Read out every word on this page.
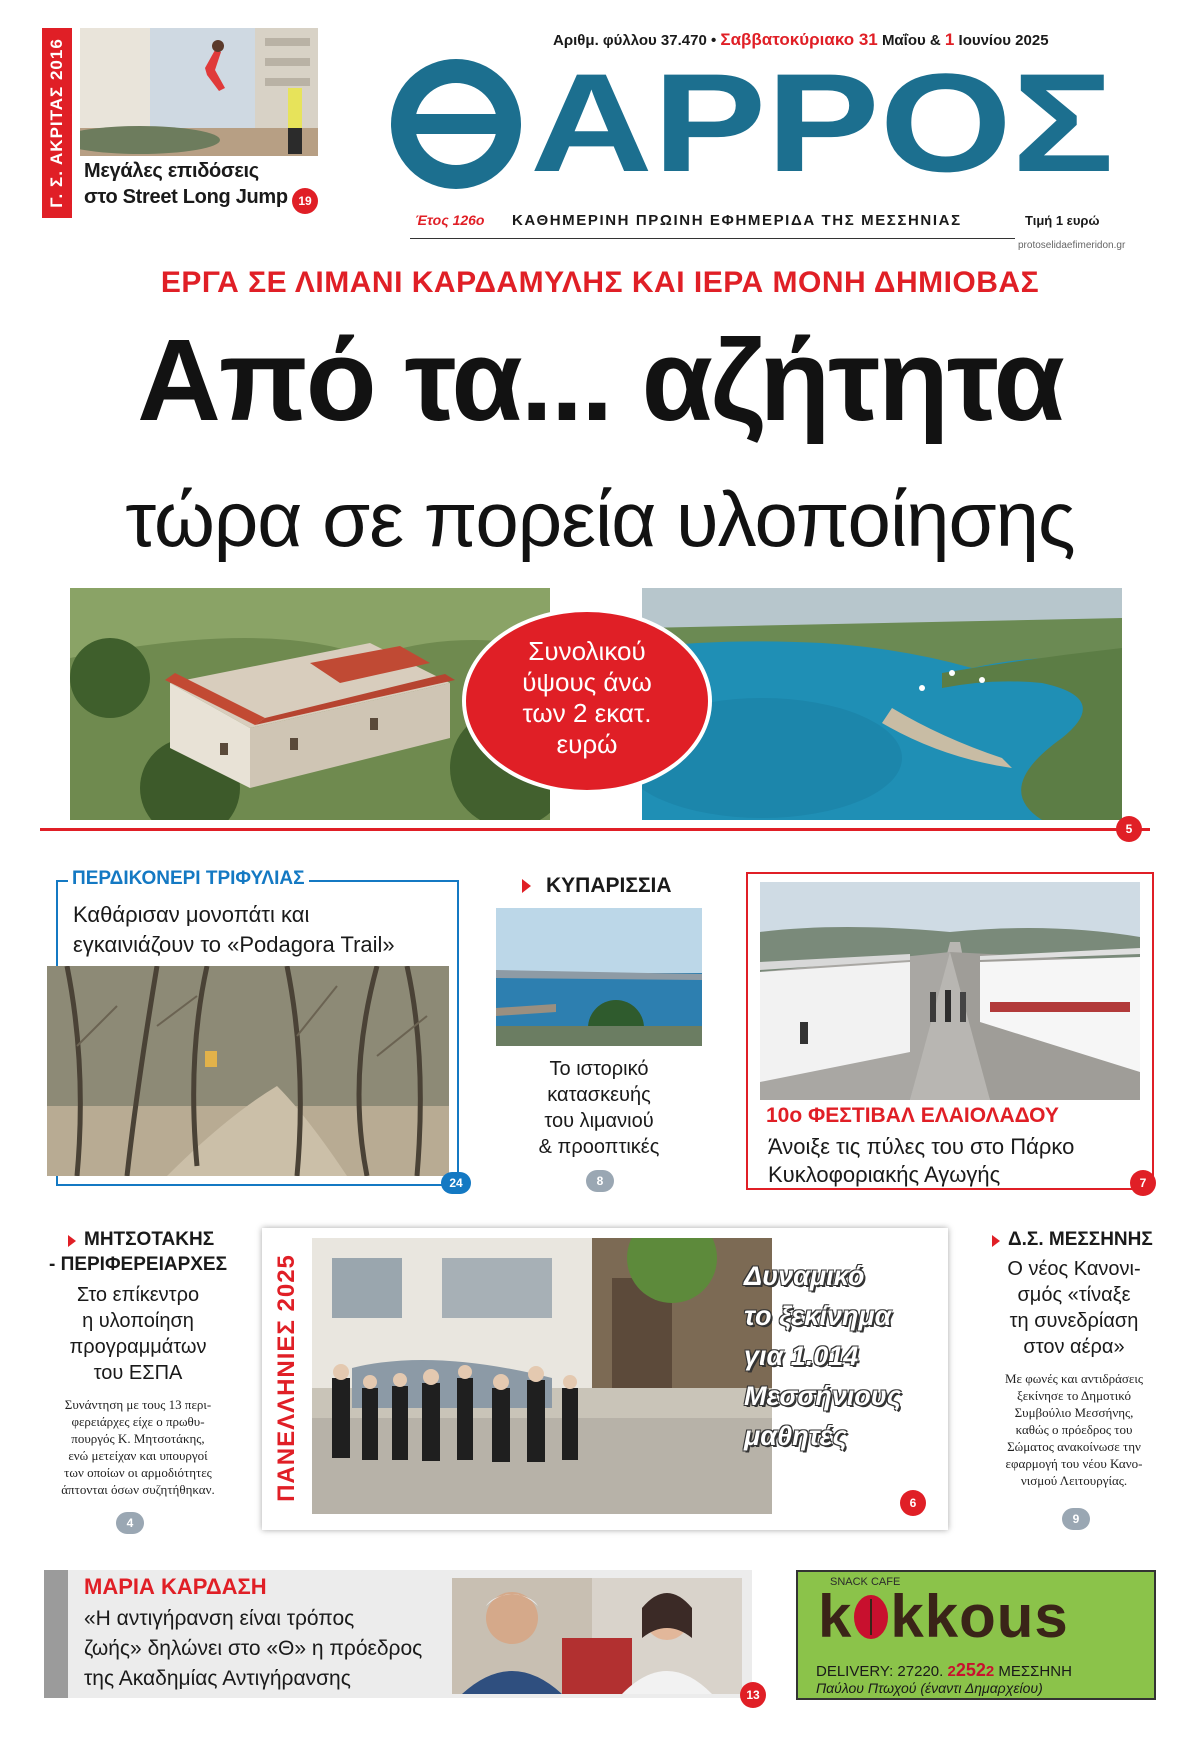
Γ. Σ. ΑΚΡΙΤΑΣ 2016 Μεγάλες επιδόσεις
στο Street Long Jump 19
Αριθμ. φύλλου 37.470 • Σαββατοκύριακο 31 Μαΐου & 1 Ιουνίου 2025
ΑΡΡΟΣ
Έτος 126ο ΚΑΘΗΜΕΡΙΝΗ ΠΡΩΙΝΗ ΕΦΗΜΕΡΙΔΑ ΤΗΣ ΜΕΣΣΗΝΙΑΣ	Τιμή 1 ευρώ
protoselidaefimeridon.gr
ΕΡΓΑ ΣΕ ΛΙΜΑΝΙ ΚΑΡΔΑΜΥΛΗΣ ΚΑΙ ΙΕΡΑ ΜΟΝΗ ΔΗΜΙΟΒΑΣ
Από τα... αζήτητα
τώρα σε πορεία υλοποίησης
Συνολικού
ύψους άνω
των 2 εκατ.
ευρώ
5
ΠΕΡΔΙΚΟΝΕΡΙ ΤΡΙΦΥΛΙΑΣ
Καθάρισαν μονοπάτι και
εγκαινιάζουν το «Podagora Trail»
24
ΚΥΠΑΡΙΣΣΙΑ
Το ιστορικό
κατασκευής
του λιμανιού
& προοπτικές
8
10ο ΦΕΣΤΙΒΑΛ ΕΛΑΙΟΛΑΔΟΥ
Άνοιξε τις πύλες του στο Πάρκο
Κυκλοφοριακής Αγωγής	7
ΜΗΤΣΟΤΑΚΗΣ
- ΠΕΡΙΦΕΡΕΙΑΡΧΕΣ
Στο επίκεντρο
η υλοποίηση
προγραμμάτων
του ΕΣΠΑ
Συνάντηση με τους 13 περι-
φερειάρχες είχε ο πρωθυ-
πουργός Κ. Μητσοτάκης,
ενώ μετείχαν και υπουργοί
των οποίων οι αρμοδιότητες
άπτονται όσων συζητήθηκαν.
4
ΠΑΝΕΛΛΗΝΙΕΣ 2025	Δυναμικό
το ξεκίνημα
για 1.014
Μεσσήνιους
μαθητές
6
Δ.Σ. ΜΕΣΣΗΝΗΣ
Ο νέος Κανονι-
σμός «τίναξε
τη συνεδρίαση
στον αέρα»
Με φωνές και αντιδράσεις
ξεκίνησε το Δημοτικό
Συμβούλιο Μεσσήνης,
καθώς ο πρόεδρος του
Σώματος ανακοίνωσε την
εφαρμογή του νέου Κανο-
νισμού Λειτουργίας.
9
ΜΑΡΙΑ ΚΑΡΔΑΣΗ
«Η αντιγήρανση είναι τρόπος
ζωής» δηλώνει στο «Θ» η πρόεδρος
της Ακαδημίας Αντιγήρανσης
13
SNACK CAFE
k kkous
DELIVERY: 27220. 22522 ΜΕΣΣΗΝΗ
Παύλου Πτωχού (έναντι Δημαρχείου)
